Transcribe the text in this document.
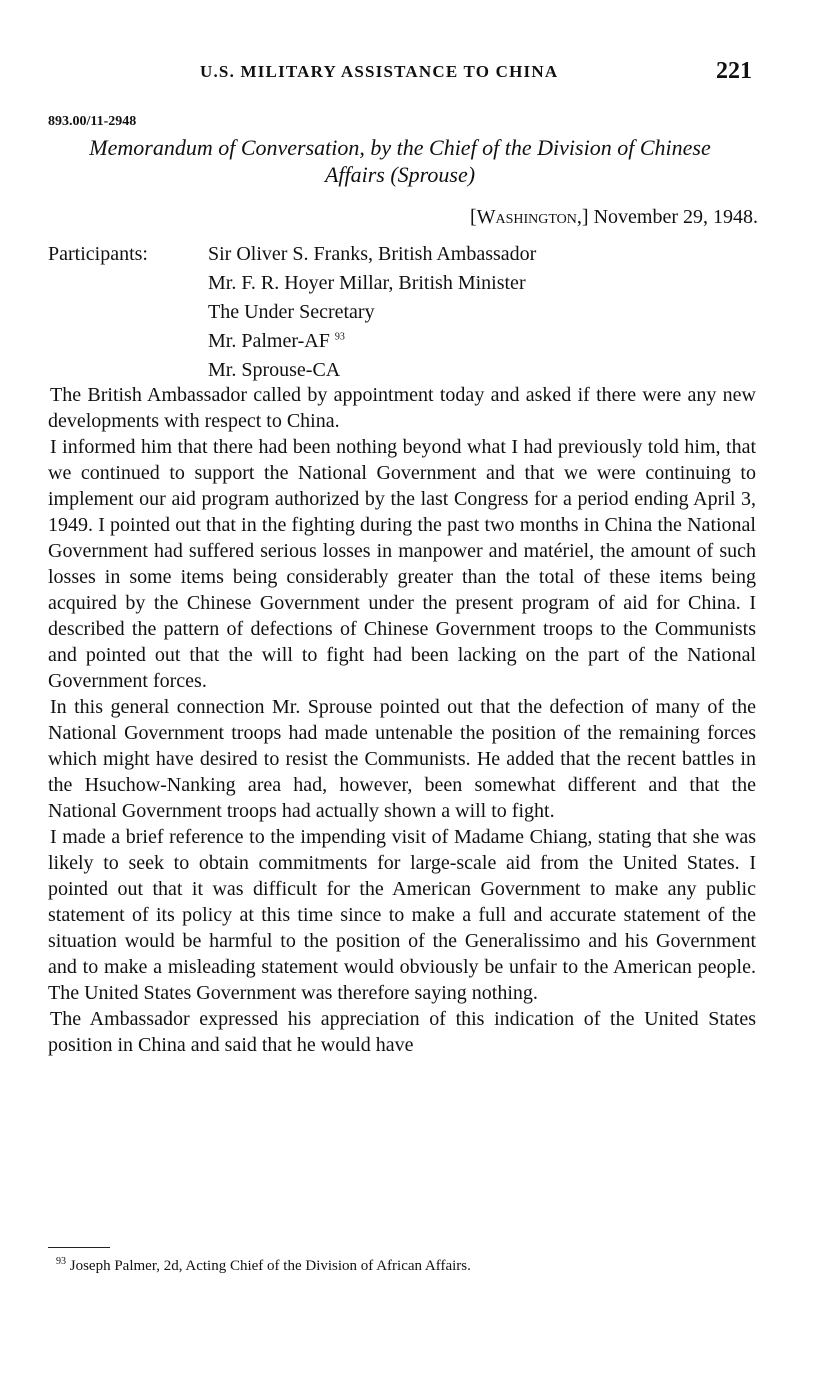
U.S. MILITARY ASSISTANCE TO CHINA	221
893.00/11-2948
Memorandum of Conversation, by the Chief of the Division of Chinese
Affairs (Sprouse)
[Washington,] November 29, 1948.
Participants:	Sir Oliver S. Franks, British Ambassador
Mr. F. R. Hoyer Millar, British Minister
The Under Secretary
Mr. Palmer-AF $^{93}$
Mr. Sprouse-CA

The British Ambassador called by appointment today and asked if there were any new developments with respect to China.

I informed him that there had been nothing beyond what I had previously told him, that we continued to support the National Government and that we were continuing to implement our aid program authorized by the last Congress for a period ending April 3, 1949. I pointed out that in the fighting during the past two months in China the National Government had suffered serious losses in manpower and matériel, the amount of such losses in some items being considerably greater than the total of these items being acquired by the Chinese Government under the present program of aid for China. I described the pattern of defections of Chinese Government troops to the Communists and pointed out that the will to fight had been lacking on the part of the National Government forces.

In this general connection Mr. Sprouse pointed out that the defection of many of the National Government troops had made untenable the position of the remaining forces which might have desired to resist the Communists. He added that the recent battles in the Hsuchow-Nanking area had, however, been somewhat different and that the National Government troops had actually shown a will to fight.

I made a brief reference to the impending visit of Madame Chiang, stating that she was likely to seek to obtain commitments for large-scale aid from the United States. I pointed out that it was difficult for the American Government to make any public statement of its policy at this time since to make a full and accurate statement of the situation would be harmful to the position of the Generalissimo and his Government and to make a misleading statement would obviously be unfair to the American people. The United States Government was therefore saying nothing.

The Ambassador expressed his appreciation of this indication of the United States position in China and said that he would have

$^{93}$ Joseph Palmer, 2d, Acting Chief of the Division of African Affairs.
